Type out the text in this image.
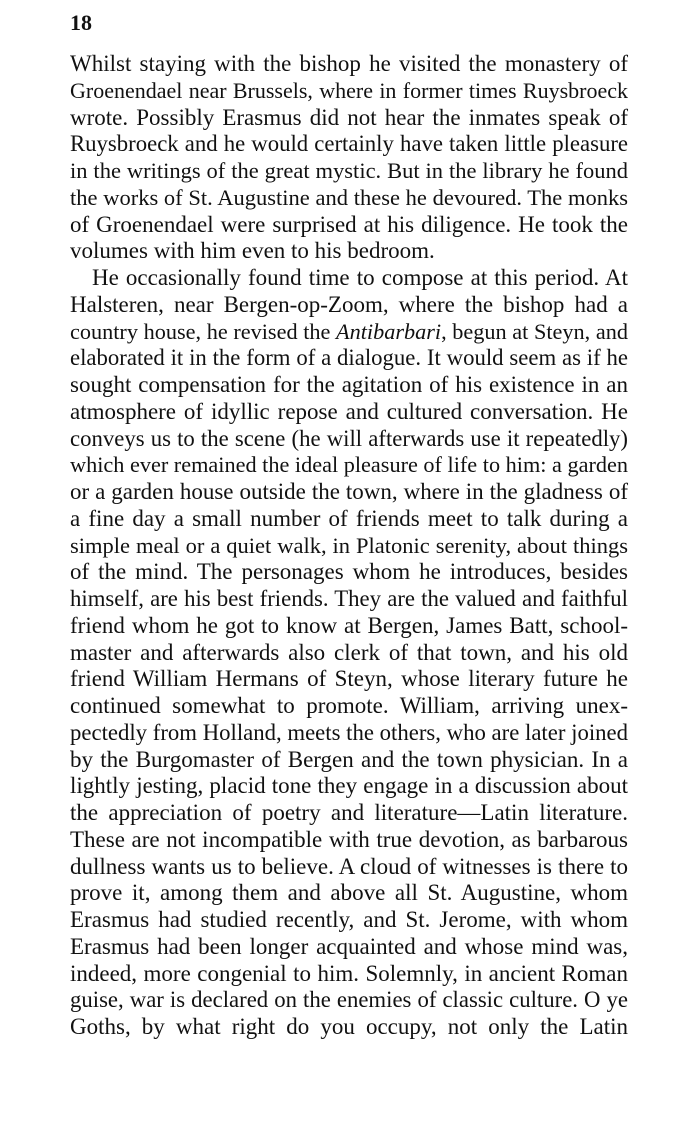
18
Whilst staying with the bishop he visited the monastery of
Groenendael near Brussels, where in former times Ruysbroeck
wrote. Possibly Erasmus did not hear the inmates speak of
Ruysbroeck and he would certainly have taken little pleasure
in the writings of the great mystic. But in the library he found
the works of St. Augustine and these he devoured. The monks
of Groenendael were surprised at his diligence. He took the
volumes with him even to his bedroom.
He occasionally found time to compose at this period. At
Halsteren, near Bergen-op-Zoom, where the bishop had a
country house, he revised the Antibarbari, begun at Steyn, and
elaborated it in the form of a dialogue. It would seem as if he
sought compensation for the agitation of his existence in an
atmosphere of idyllic repose and cultured conversation. He
conveys us to the scene (he will afterwards use it repeatedly)
which ever remained the ideal pleasure of life to him: a garden
or a garden house outside the town, where in the gladness of
a fine day a small number of friends meet to talk during a
simple meal or a quiet walk, in Platonic serenity, about things
of the mind. The personages whom he introduces, besides
himself, are his best friends. They are the valued and faithful
friend whom he got to know at Bergen, James Batt, school-
master and afterwards also clerk of that town, and his old
friend William Hermans of Steyn, whose literary future he
continued somewhat to promote. William, arriving unex-
pectedly from Holland, meets the others, who are later joined
by the Burgomaster of Bergen and the town physician. In a
lightly jesting, placid tone they engage in a discussion about
the appreciation of poetry and literature—Latin literature.
These are not incompatible with true devotion, as barbarous
dullness wants us to believe. A cloud of witnesses is there to
prove it, among them and above all St. Augustine, whom
Erasmus had studied recently, and St. Jerome, with whom
Erasmus had been longer acquainted and whose mind was,
indeed, more congenial to him. Solemnly, in ancient Roman
guise, war is declared on the enemies of classic culture. O ye
Goths, by what right do you occupy, not only the Latin
